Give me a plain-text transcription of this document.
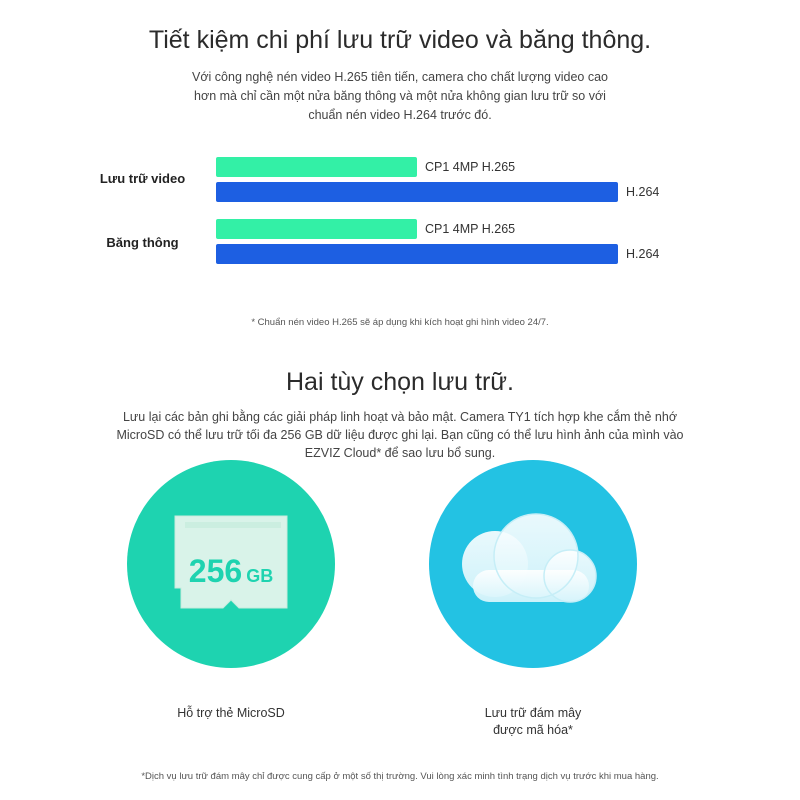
Tiết kiệm chi phí lưu trữ video và băng thông.
Với công nghệ nén video H.265 tiên tiến, camera cho chất lượng video cao hơn mà chỉ cần một nửa băng thông và một nửa không gian lưu trữ so với chuẩn nén video H.264 trước đó.
Lưu trữ video
CP1 4MP H.265
H.264
Băng thông
CP1 4MP H.265
H.264
* Chuẩn nén video H.265 sẽ áp dụng khi kích hoạt ghi hình video 24/7.
Hai tùy chọn lưu trữ.
Lưu lại các bản ghi bằng các giải pháp linh hoạt và bảo mật. Camera TY1 tích hợp khe cắm thẻ nhớ MicroSD có thể lưu trữ tối đa 256 GB dữ liệu được ghi lại. Bạn cũng có thể lưu hình ảnh của mình vào EZVIZ Cloud* để sao lưu bổ sung.
256 GB
Hỗ trợ thẻ MicroSD	Lưu trữ đám mây
được mã hóa*
*Dịch vụ lưu trữ đám mây chỉ được cung cấp ở một số thị trường. Vui lòng xác minh tình trạng dịch vụ trước khi mua hàng.
